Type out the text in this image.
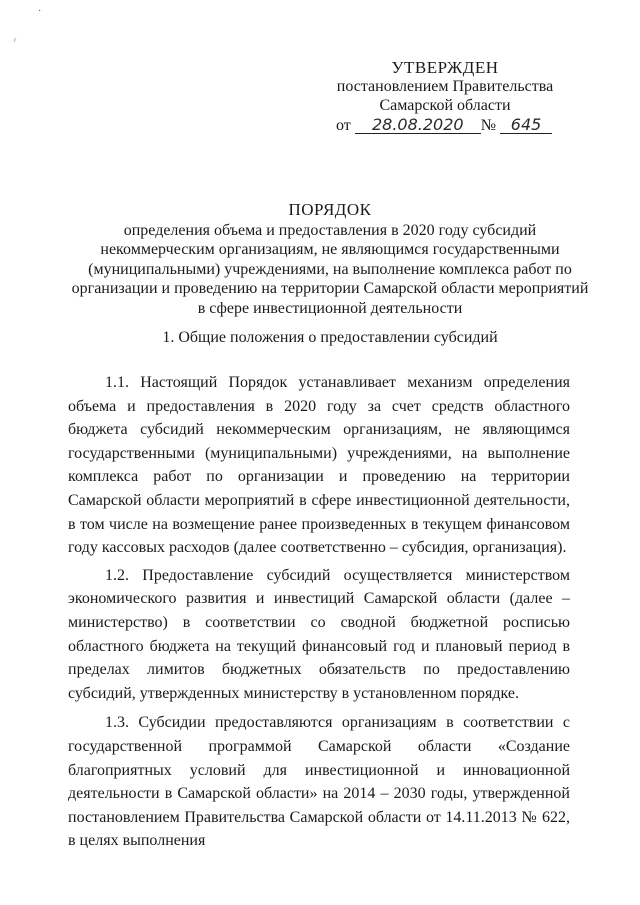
·
ʳ
УТВЕРЖДЕН
постановлением Правительства
Самарской области
от 28.08.2020 № 645
ПОРЯДОК
определения объема и предоставления в 2020 году субсидий
некоммерческим организациям, не являющимся государственными
(муниципальными) учреждениями, на выполнение комплекса работ по
организации и проведению на территории Самарской области мероприятий
в сфере инвестиционной деятельности
1. Общие положения о предоставлении субсидий

1.1. Настоящий Порядок устанавливает механизм определения объема и предоставления в 2020 году за счет средств областного бюджета субсидий некоммерческим организациям, не являющимся государственными (муниципальными) учреждениями, на выполнение комплекса работ по организации и проведению на территории Самарской области мероприятий в сфере инвестиционной деятельности, в том числе на возмещение ранее произведенных в текущем финансовом году кассовых расходов (далее соответственно – субсидия, организация).

1.2. Предоставление субсидий осуществляется министерством экономического развития и инвестиций Самарской области (далее – министерство) в соответствии со сводной бюджетной росписью областного бюджета на текущий финансовый год и плановый период в пределах лимитов бюджетных обязательств по предоставлению субсидий, утвержденных министерству в установленном порядке.

1.3. Субсидии предоставляются организациям в соответствии с государственной программой Самарской области «Создание благоприятных условий для инвестиционной и инновационной деятельности в Самарской области» на 2014 – 2030 годы, утвержденной постановлением Правительства Самарской области от 14.11.2013 № 622, в целях выполнения
